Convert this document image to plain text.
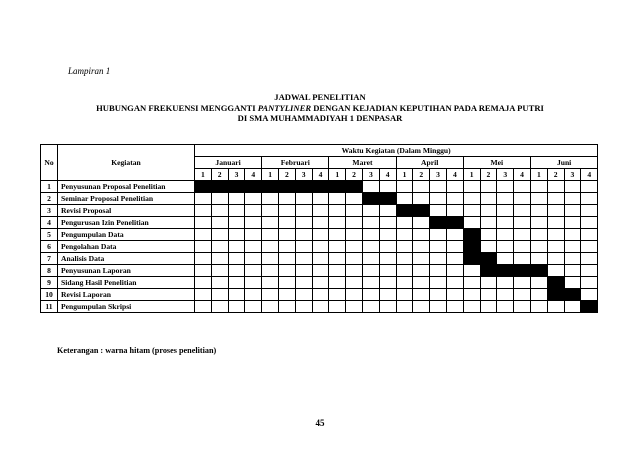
Lampiran 1
JADWAL PENELITIAN
HUBUNGAN FREKUENSI MENGGANTI PANTYLINER DENGAN KEJADIAN KEPUTIHAN PADA REMAJA PUTRI
DI SMA MUHAMMADIYAH 1 DENPASAR
No	Kegiatan	Waktu Kegiatan (Dalam Minggu)																							
		Januari				Februari				Maret				April				Mei				Juni			
		1	2	3	4	1	2	3	4	1	2	3	4	1	2	3	4	1	2	3	4	1	2	3	4
1	Penyusunan Proposal Penelitian																								
2	Seminar Proposal Penelitian																								
3	Revisi Proposal																								
4	Pengurusan Izin Penelitian																								
5	Pengumpulan Data																								
6	Pengolahan Data																								
7	Analisis Data																								
8	Penyusunan Laporan																								
9	Sidang Hasil Penelitian																								
10	Revisi Laporan																								
11	Pengumpulan Skripsi																								
Keterangan : warna hitam (proses penelitian)
45
